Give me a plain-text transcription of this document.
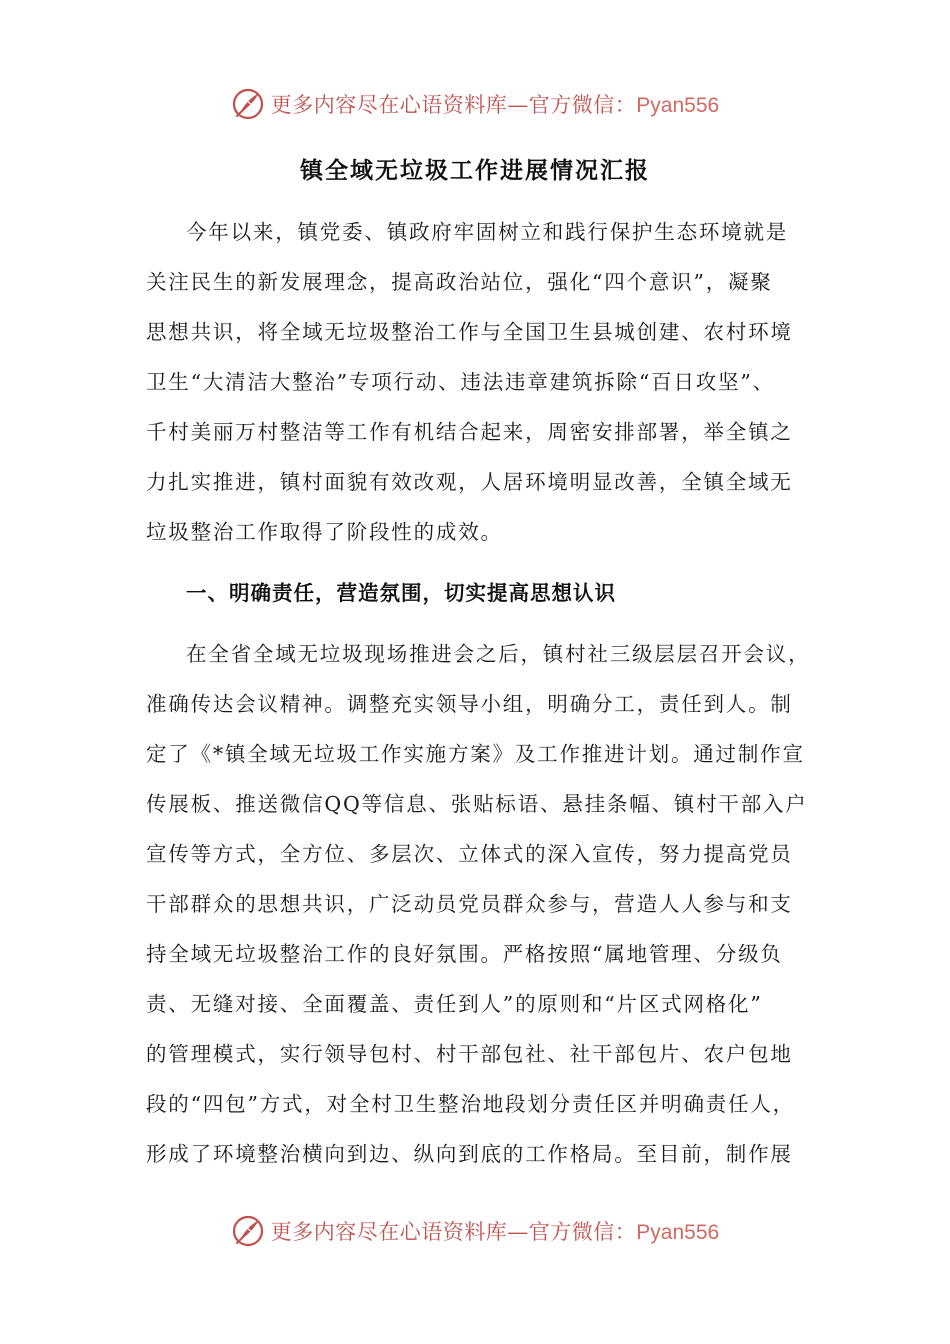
更多内容尽在心语资料库—官方微信：Pyan556
镇全域无垃圾工作进展情况汇报
今年以来，镇党委、镇政府牢固树立和践行保护生态环境就是
关注民生的新发展理念，提高政治站位，强化“四个意识”，凝聚
思想共识，将全域无垃圾整治工作与全国卫生县城创建、农村环境
卫生“大清洁大整治”专项行动、违法违章建筑拆除“百日攻坚”、
千村美丽万村整洁等工作有机结合起来，周密安排部署，举全镇之
力扎实推进，镇村面貌有效改观，人居环境明显改善，全镇全域无
垃圾整治工作取得了阶段性的成效。
一、明确责任，营造氛围，切实提高思想认识
在全省全域无垃圾现场推进会之后，镇村社三级层层召开会议，
准确传达会议精神。调整充实领导小组，明确分工，责任到人。制
定了《*镇全域无垃圾工作实施方案》及工作推进计划。通过制作宣
传展板、推送微信QQ等信息、张贴标语、悬挂条幅、镇村干部入户
宣传等方式，全方位、多层次、立体式的深入宣传，努力提高党员
干部群众的思想共识，广泛动员党员群众参与，营造人人参与和支
持全域无垃圾整治工作的良好氛围。严格按照“属地管理、分级负
责、无缝对接、全面覆盖、责任到人”的原则和“片区式网格化”
的管理模式，实行领导包村、村干部包社、社干部包片、农户包地
段的“四包”方式，对全村卫生整治地段划分责任区并明确责任人，
形成了环境整治横向到边、纵向到底的工作格局。至目前，制作展
更多内容尽在心语资料库—官方微信：Pyan556
